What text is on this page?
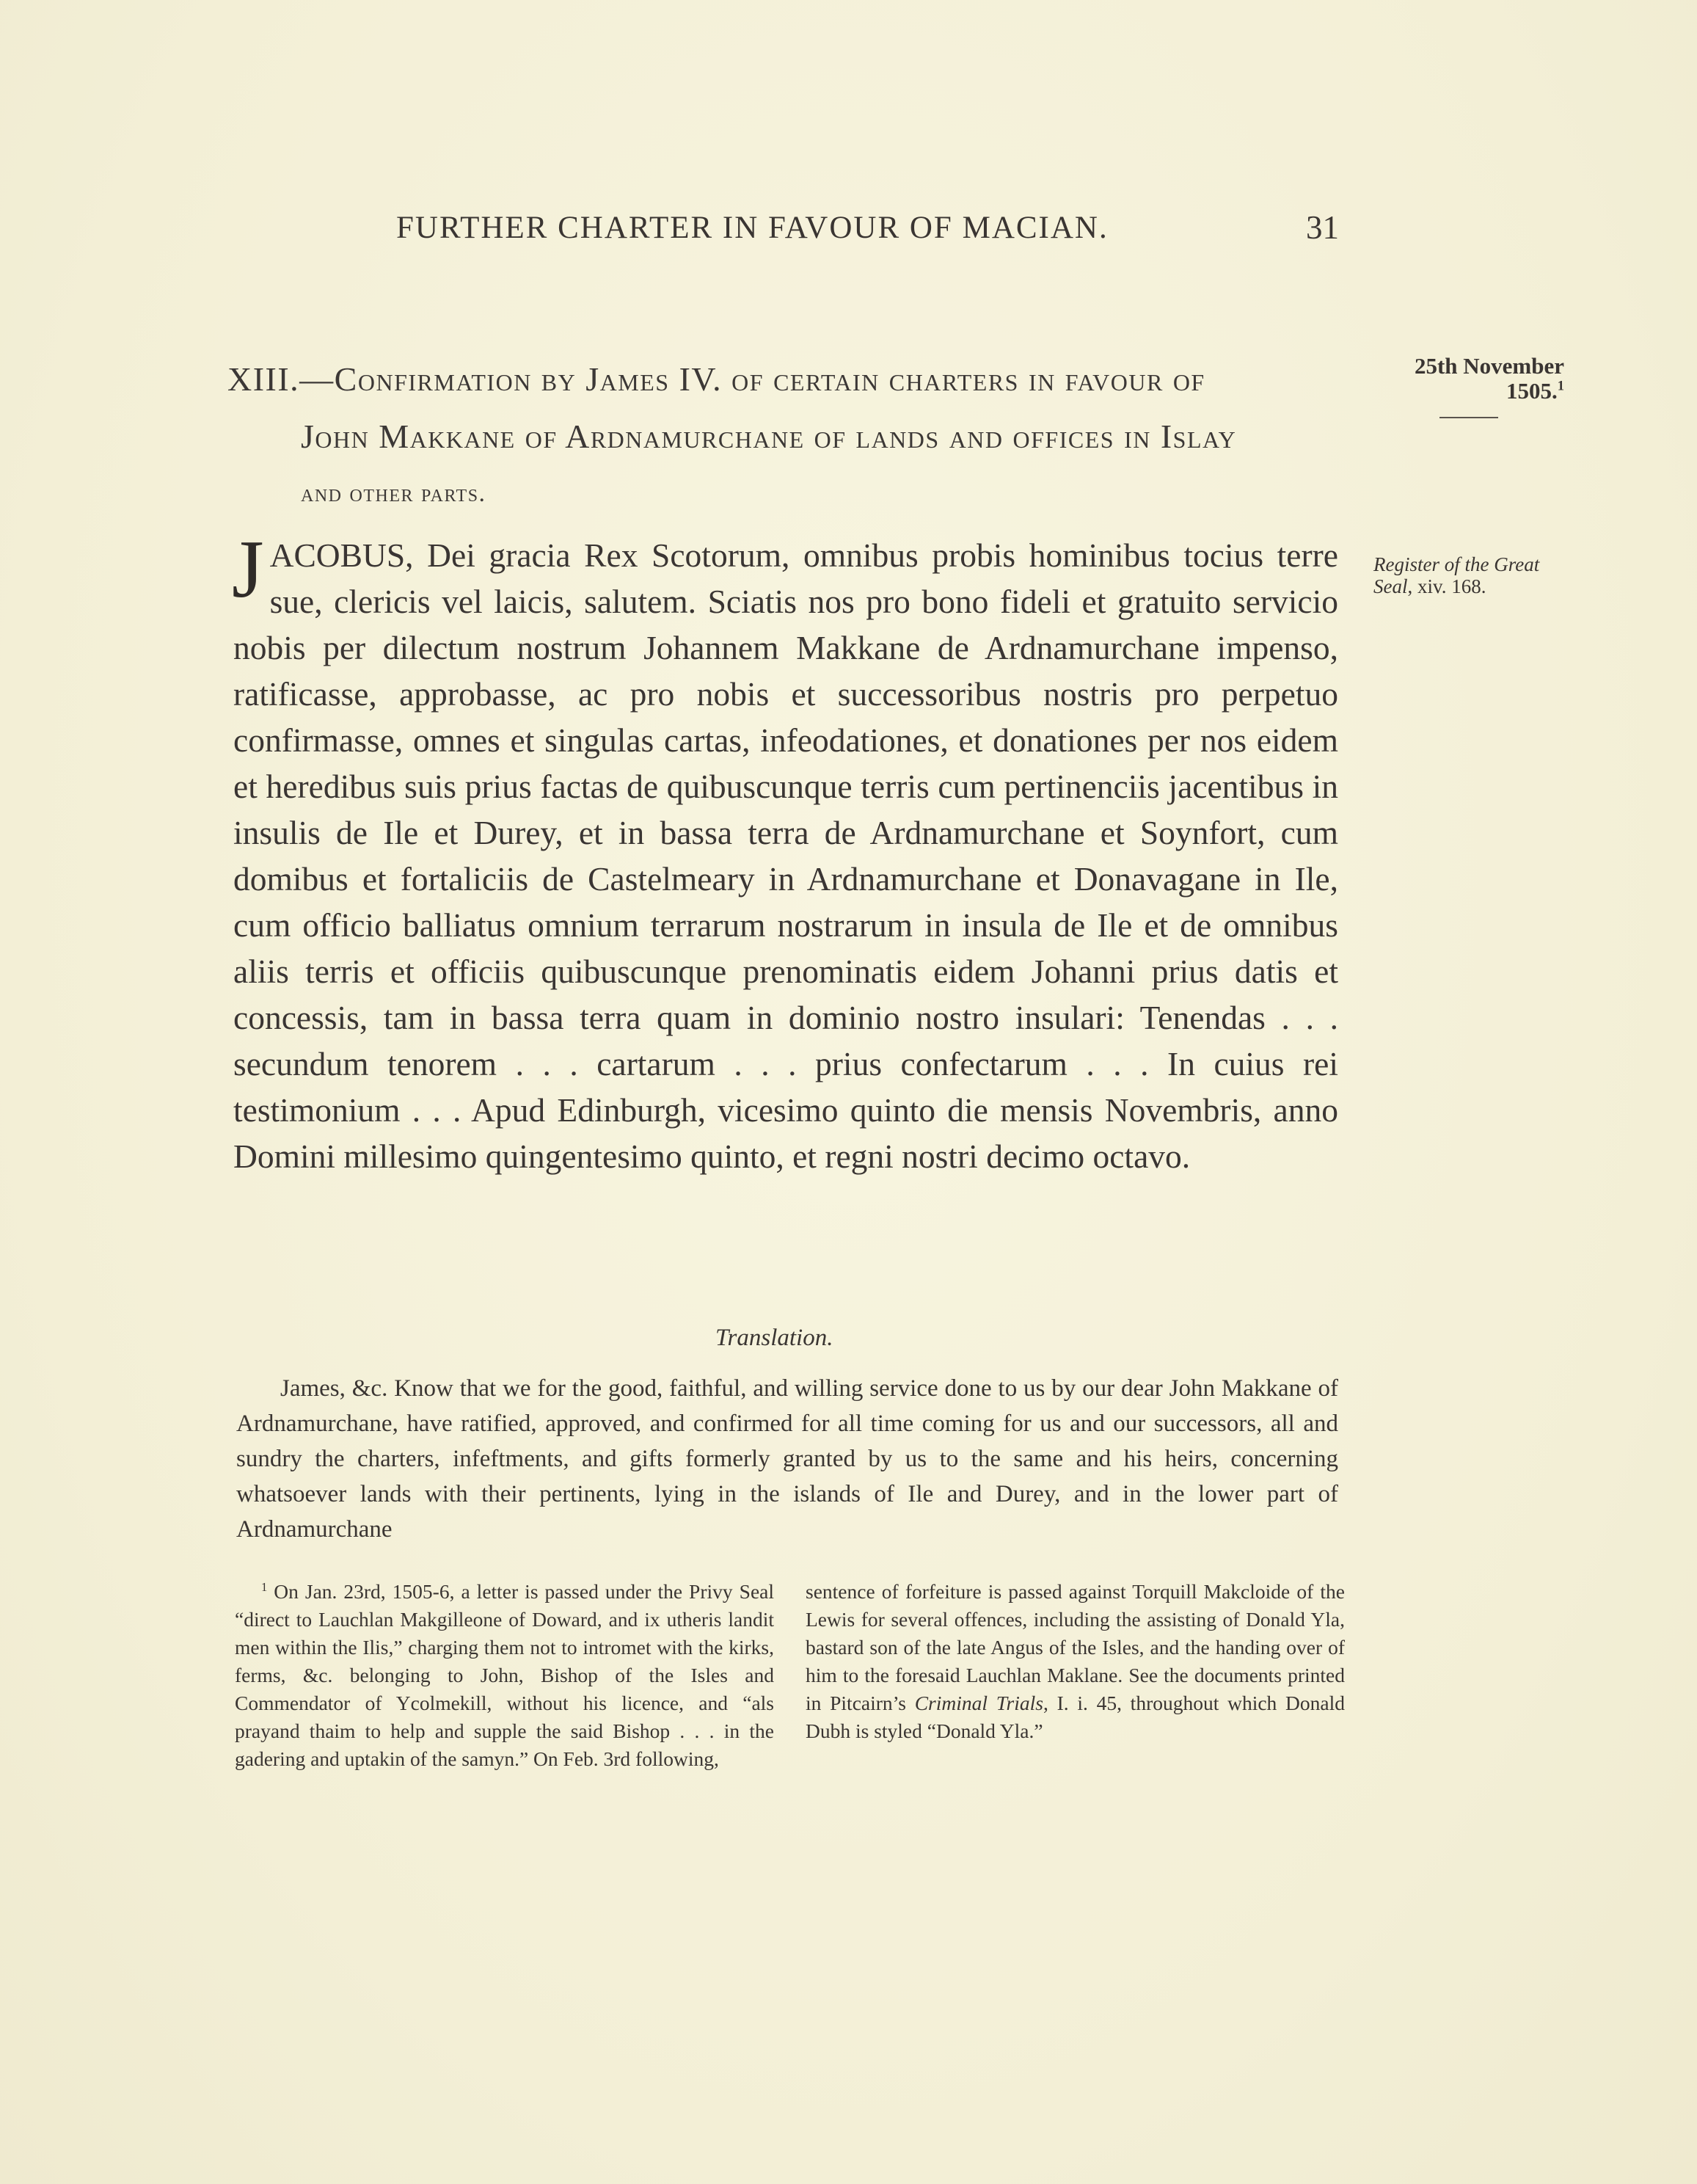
FURTHER CHARTER IN FAVOUR OF MACIAN.	31
XIII.—Confirmation by James IV. of certain charters in favour of
John Makkane of Ardnamurchane of lands and offices in Islay
and other parts.
25th November
1505.$^1$
Register of the Great Seal, xiv. 168.
JACOBUS, Dei gracia Rex Scotorum, omnibus probis hominibus tocius terre sue, clericis vel laicis, salutem. Sciatis nos pro bono fideli et gratuito servicio nobis per dilectum nostrum Johannem Makkane de Ardnamurchane impenso, ratificasse, approbasse, ac pro nobis et successoribus nostris pro perpetuo confirmasse, omnes et singulas cartas, infeodationes, et donationes per nos eidem et heredibus suis prius factas de quibuscunque terris cum pertinenciis jacentibus in insulis de Ile et Durey, et in bassa terra de Ardnamurchane et Soynfort, cum domibus et fortaliciis de Castelmeary in Ardnamurchane et Donavagane in Ile, cum officio balliatus omnium terrarum nostrarum in insula de Ile et de omnibus aliis terris et officiis quibuscunque prenominatis eidem Johanni prius datis et concessis, tam in bassa terra quam in dominio nostro insulari: Tenendas . . . secundum tenorem . . . cartarum . . . prius confectarum . . . In cuius rei testimonium . . . Apud Edinburgh, vicesimo quinto die mensis Novembris, anno Domini millesimo quingentesimo quinto, et regni nostri decimo octavo.
Translation.
James, &c. Know that we for the good, faithful, and willing service done to us by our dear John Makkane of Ardnamurchane, have ratified, approved, and confirmed for all time coming for us and our successors, all and sundry the charters, infeftments, and gifts formerly granted by us to the same and his heirs, concerning whatsoever lands with their pertinents, lying in the islands of Ile and Durey, and in the lower part of Ardnamurchane
$^1$ On Jan. 23rd, 1505-6, a letter is passed under the Privy Seal “direct to Lauchlan Makgilleone of Doward, and ix utheris landit men within the Ilis,” charging them not to intromet with the kirks, ferms, &c. belonging to John, Bishop of the Isles and Commendator of Ycolmekill, without his licence, and “als prayand thaim to help and supple the said Bishop . . . in the gadering and uptakin of the samyn.” On Feb. 3rd following,
sentence of forfeiture is passed against Torquill Makcloide of the Lewis for several offences, including the assisting of Donald Yla, bastard son of the late Angus of the Isles, and the handing over of him to the foresaid Lauchlan Maklane. See the documents printed in Pitcairn’s Criminal Trials, I. i. 45, throughout which Donald Dubh is styled “Donald Yla.”
